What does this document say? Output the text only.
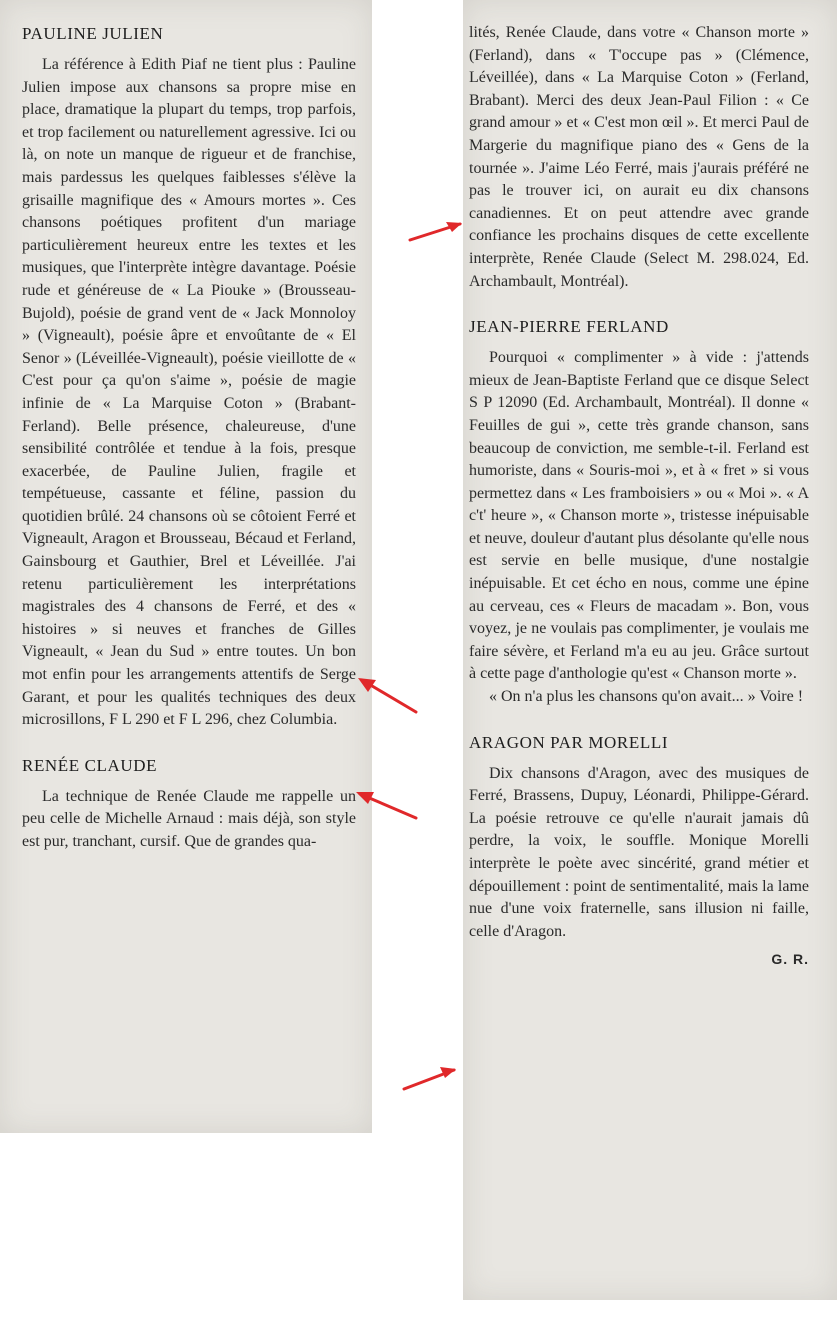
PAULINE JULIEN

La référence à Edith Piaf ne tient plus : Pauline Julien impose aux chansons sa propre mise en place, dramatique la plupart du temps, trop parfois, et trop facilement ou naturellement agressive. Ici ou là, on note un manque de rigueur et de franchise, mais pardessus les quelques faiblesses s'élève la grisaille magnifique des « Amours mortes ». Ces chansons poétiques profitent d'un mariage particulièrement heureux entre les textes et les musiques, que l'interprète intègre davantage. Poésie rude et généreuse de « La Piouke » (Brousseau-Bujold), poésie de grand vent de « Jack Monnoloy » (Vigneault), poésie âpre et envoûtante de « El Senor » (Léveillée-Vigneault), poésie vieillotte de « C'est pour ça qu'on s'aime », poésie de magie infinie de « La Marquise Coton » (Brabant-Ferland). Belle présence, chaleureuse, d'une sensibilité contrôlée et tendue à la fois, presque exacerbée, de Pauline Julien, fragile et tempétueuse, cassante et féline, passion du quotidien brûlé. 24 chansons où se côtoient Ferré et Vigneault, Aragon et Brousseau, Bécaud et Ferland, Gainsbourg et Gauthier, Brel et Léveillée. J'ai retenu particulièrement les interprétations magistrales des 4 chansons de Ferré, et des « histoires » si neuves et franches de Gilles Vigneault, « Jean du Sud » entre toutes. Un bon mot enfin pour les arrangements attentifs de Serge Garant, et pour les qualités techniques des deux microsillons, F L 290 et F L 296, chez Columbia.

RENÉE CLAUDE

La technique de Renée Claude me rappelle un peu celle de Michelle Arnaud : mais déjà, son style est pur, tranchant, cursif. Que de grandes qua-

lités, Renée Claude, dans votre « Chanson morte » (Ferland), dans « T'occupe pas » (Clémence, Léveillée), dans « La Marquise Coton » (Ferland, Brabant). Merci des deux Jean-Paul Filion : « Ce grand amour » et « C'est mon œil ». Et merci Paul de Margerie du magnifique piano des « Gens de la tournée ». J'aime Léo Ferré, mais j'aurais préféré ne pas le trouver ici, on aurait eu dix chansons canadiennes. Et on peut attendre avec grande confiance les prochains disques de cette excellente interprète, Renée Claude (Select M. 298.024, Ed. Archambault, Montréal).

JEAN-PIERRE FERLAND

Pourquoi « complimenter » à vide : j'attends mieux de Jean-Baptiste Ferland que ce disque Select S P 12090 (Ed. Archambault, Montréal). Il donne « Feuilles de gui », cette très grande chanson, sans beaucoup de conviction, me semble-t-il. Ferland est humoriste, dans « Souris-moi », et à « fret » si vous permettez dans « Les framboisiers » ou « Moi ». « A c't' heure », « Chanson morte », tristesse inépuisable et neuve, douleur d'autant plus désolante qu'elle nous est servie en belle musique, d'une nostalgie inépuisable. Et cet écho en nous, comme une épine au cerveau, ces « Fleurs de macadam ». Bon, vous voyez, je ne voulais pas complimenter, je voulais me faire sévère, et Ferland m'a eu au jeu. Grâce surtout à cette page d'anthologie qu'est « Chanson morte ».

« On n'a plus les chansons qu'on avait... » Voire !

ARAGON PAR MORELLI

Dix chansons d'Aragon, avec des musiques de Ferré, Brassens, Dupuy, Léonardi, Philippe-Gérard. La poésie retrouve ce qu'elle n'aurait jamais dû perdre, la voix, le souffle. Monique Morelli interprète le poète avec sincérité, grand métier et dépouillement : point de sentimentalité, mais la lame nue d'une voix fraternelle, sans illusion ni faille, celle d'Aragon.

G. R.
